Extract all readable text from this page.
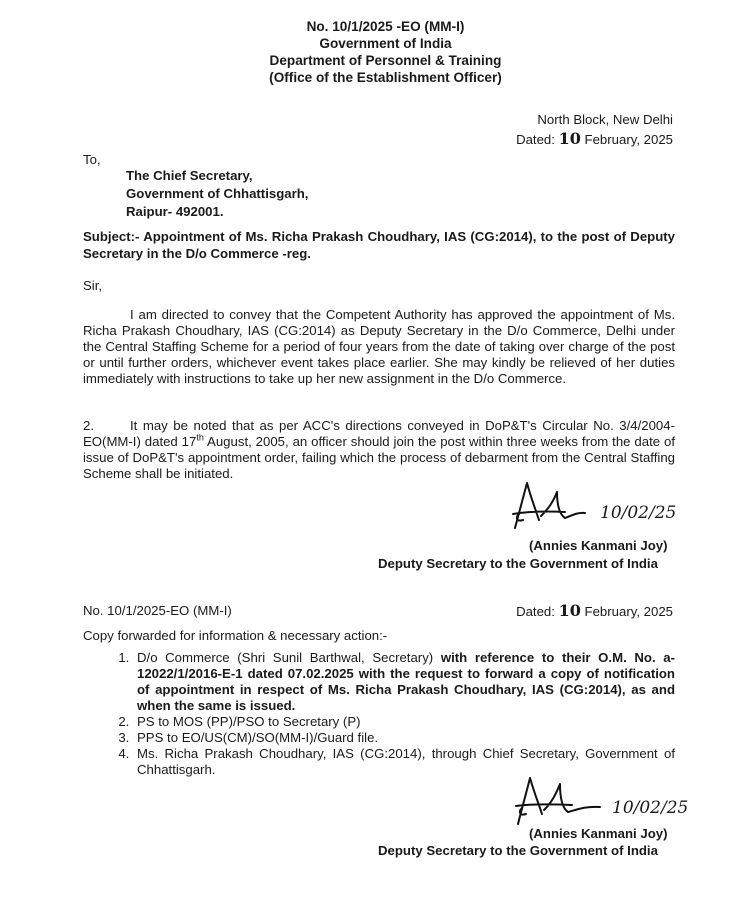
No. 10/1/2025 -EO (MM-I)
Government of India
Department of Personnel & Training
(Office of the Establishment Officer)
North Block, New Delhi
Dated: 10 February, 2025
To,
The Chief Secretary,
Government of Chhattisgarh,
Raipur- 492001.
Subject:- Appointment of Ms. Richa Prakash Choudhary, IAS (CG:2014), to the post of Deputy Secretary in the D/o Commerce -reg.
Sir,
I am directed to convey that the Competent Authority has approved the appointment of Ms. Richa Prakash Choudhary, IAS (CG:2014) as Deputy Secretary in the D/o Commerce, Delhi under the Central Staffing Scheme for a period of four years from the date of taking over charge of the post or until further orders, whichever event takes place earlier. She may kindly be relieved of her duties immediately with instructions to take up her new assignment in the D/o Commerce.
2.	It may be noted that as per ACC's directions conveyed in DoP&T's Circular No. 3/4/2004-EO(MM-I) dated 17th August, 2005, an officer should join the post within three weeks from the date of issue of DoP&T's appointment order, failing which the process of debarment from the Central Staffing Scheme shall be initiated.
10/02/25
(Annies Kanmani Joy)
Deputy Secretary to the Government of India
No. 10/1/2025-EO (MM-I)	Dated: 10 February, 2025
Copy forwarded for information & necessary action:-
1. D/o Commerce (Shri Sunil Barthwal, Secretary) with reference to their O.M. No. a-12022/1/2016-E-1 dated 07.02.2025 with the request to forward a copy of notification of appointment in respect of Ms. Richa Prakash Choudhary, IAS (CG:2014), as and when the same is issued.
2. PS to MOS (PP)/PSO to Secretary (P)
3. PPS to EO/US(CM)/SO(MM-I)/Guard file.
4. Ms. Richa Prakash Choudhary, IAS (CG:2014), through Chief Secretary, Government of Chhattisgarh.
10/02/25
(Annies Kanmani Joy)
Deputy Secretary to the Government of India
